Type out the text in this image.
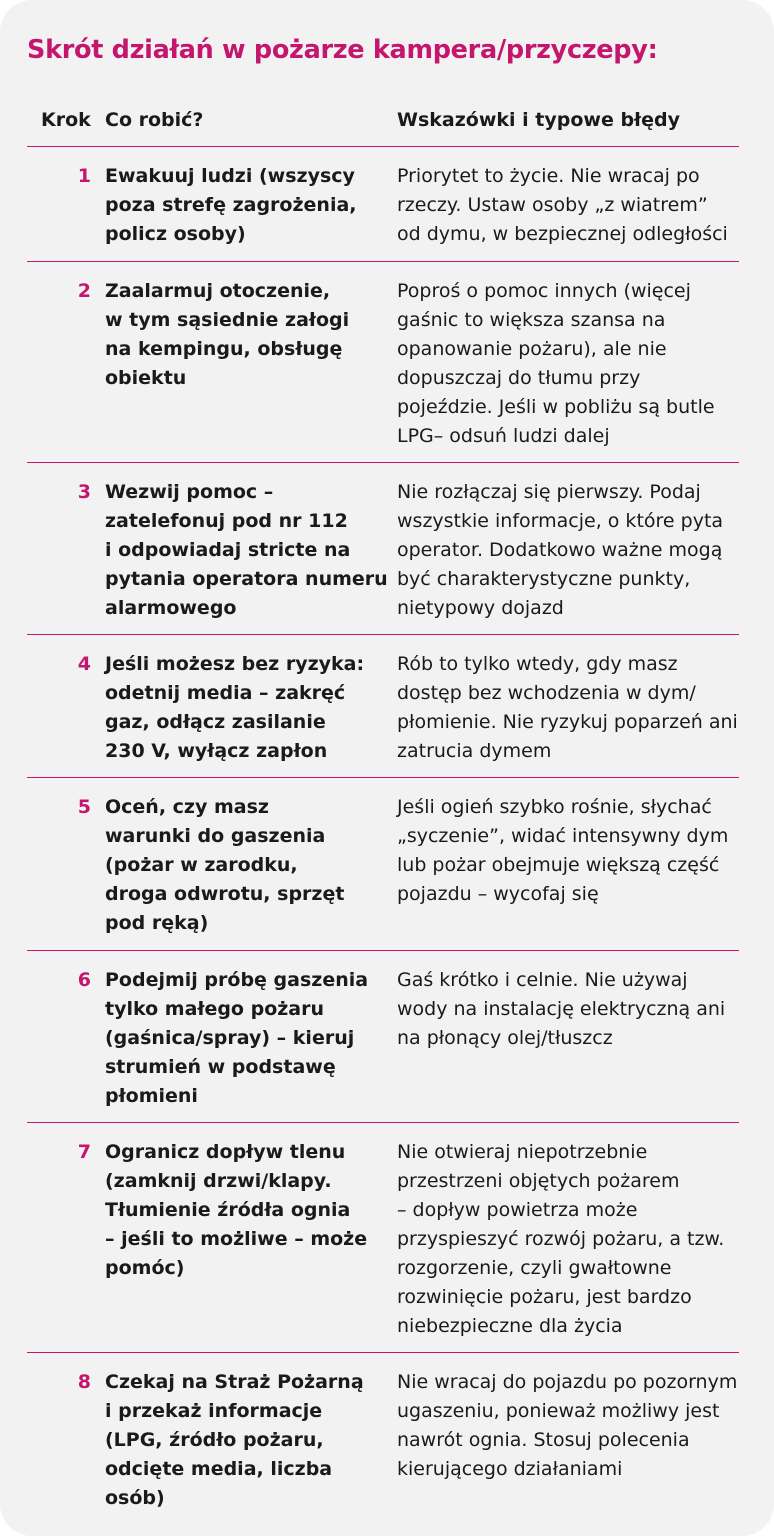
Skrót działań w pożarze kampera/przyczepy:
Krok Co robić?	Wskazówki i typowe błędy
1 Ewakuuj ludzi (wszyscy
poza strefę zagrożenia,
policz osoby)
Priorytet to życie. Nie wracaj po
rzeczy. Ustaw osoby „z wiatrem”
od dymu, w bezpiecznej odległości
2 Zaalarmuj otoczenie,
w tym sąsiednie załogi
na kempingu, obsługę
obiektu
Poproś o pomoc innych (więcej
gaśnic to większa szansa na
opanowanie pożaru), ale nie
dopuszczaj do tłumu przy
pojeździe. Jeśli w pobliżu są butle
LPG– odsuń ludzi dalej
3 Wezwij pomoc –
zatelefonuj pod nr 112
i odpowiadaj stricte na
pytania operatora numeru
alarmowego
Nie rozłączaj się pierwszy. Podaj
wszystkie informacje, o które pyta
operator. Dodatkowo ważne mogą
być charakterystyczne punkty,
nietypowy dojazd
4 Jeśli możesz bez ryzyka:
odetnij media – zakręć
gaz, odłącz zasilanie
230 V, wyłącz zapłon
Rób to tylko wtedy, gdy masz
dostęp bez wchodzenia w dym/
płomienie. Nie ryzykuj poparzeń ani
zatrucia dymem
5 Oceń, czy masz
warunki do gaszenia
(pożar w zarodku,
droga odwrotu, sprzęt
pod ręką)
Jeśli ogień szybko rośnie, słychać
„syczenie”, widać intensywny dym
lub pożar obejmuje większą część
pojazdu – wycofaj się
6 Podejmij próbę gaszenia
tylko małego pożaru
(gaśnica/spray) – kieruj
strumień w podstawę
płomieni
Gaś krótko i celnie. Nie używaj
wody na instalację elektryczną ani
na płonący olej/tłuszcz
7 Ogranicz dopływ tlenu
(zamknij drzwi/klapy.
Tłumienie źródła ognia
– jeśli to możliwe – może
pomóc)
Nie otwieraj niepotrzebnie
przestrzeni objętych pożarem
– dopływ powietrza może
przyspieszyć rozwój pożaru, a tzw.
rozgorzenie, czyli gwałtowne
rozwinięcie pożaru, jest bardzo
niebezpieczne dla życia
8 Czekaj na Straż Pożarną
i przekaż informacje
(LPG, źródło pożaru,
odcięte media, liczba
osób)
Nie wracaj do pojazdu po pozornym
ugaszeniu, ponieważ możliwy jest
nawrót ognia. Stosuj polecenia
kierującego działaniami
